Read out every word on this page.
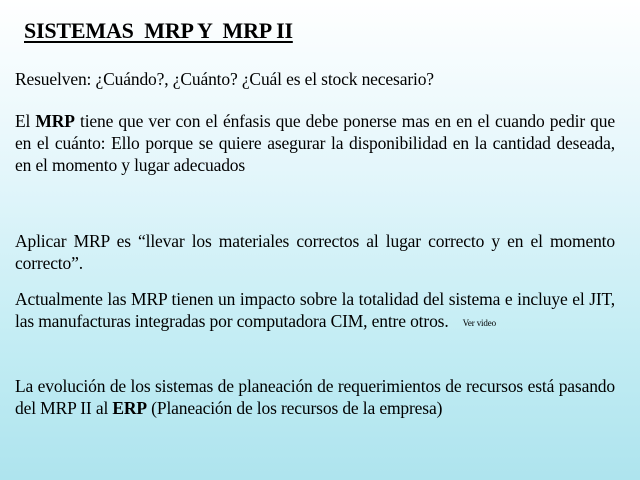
SISTEMAS  MRP Y  MRP II

Resuelven: ¿Cuándo?, ¿Cuánto? ¿Cuál es el stock necesario?

El MRP tiene que ver con el énfasis que debe ponerse mas en en el cuando pedir que en el cuánto: Ello porque se quiere asegurar la disponibilidad en la cantidad deseada, en el momento y lugar adecuados

Aplicar MRP es “llevar los materiales correctos al lugar correcto y en el momento correcto”.

Actualmente las MRP tienen un impacto sobre la totalidad del sistema e incluye el JIT, las manufacturas integradas por computadora CIM, entre otros. Ver video

La evolución de los sistemas de planeación de requerimientos de recursos está pasando del MRP II al ERP (Planeación de los recursos de la empresa)
